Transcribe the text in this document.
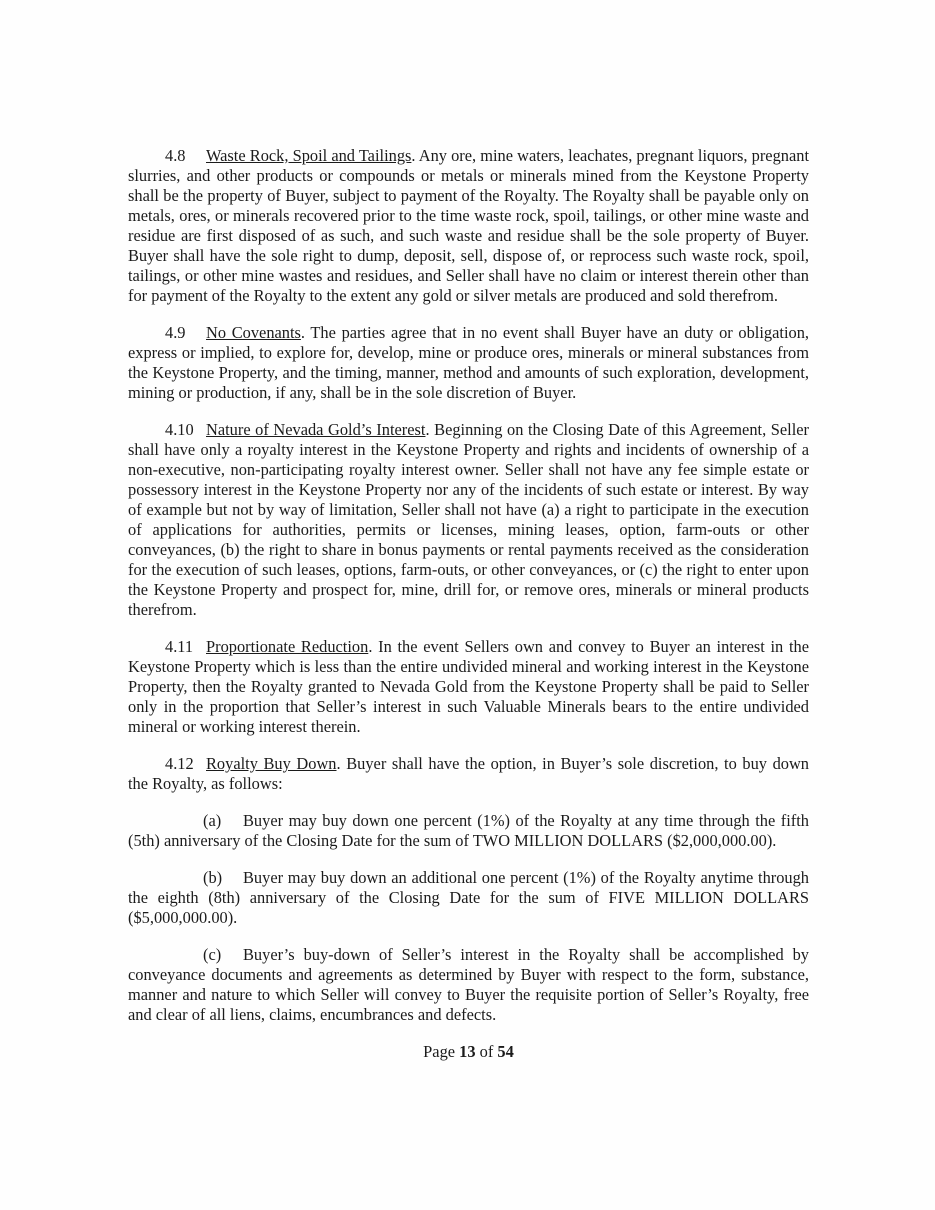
4.8 Waste Rock, Spoil and Tailings. Any ore, mine waters, leachates, pregnant liquors, pregnant slurries, and other products or compounds or metals or minerals mined from the Keystone Property shall be the property of Buyer, subject to payment of the Royalty. The Royalty shall be payable only on metals, ores, or minerals recovered prior to the time waste rock, spoil, tailings, or other mine waste and residue are first disposed of as such, and such waste and residue shall be the sole property of Buyer. Buyer shall have the sole right to dump, deposit, sell, dispose of, or reprocess such waste rock, spoil, tailings, or other mine wastes and residues, and Seller shall have no claim or interest therein other than for payment of the Royalty to the extent any gold or silver metals are produced and sold therefrom.

4.9 No Covenants. The parties agree that in no event shall Buyer have an duty or obligation, express or implied, to explore for, develop, mine or produce ores, minerals or mineral substances from the Keystone Property, and the timing, manner, method and amounts of such exploration, development, mining or production, if any, shall be in the sole discretion of Buyer.

4.10 Nature of Nevada Gold’s Interest. Beginning on the Closing Date of this Agreement, Seller shall have only a royalty interest in the Keystone Property and rights and incidents of ownership of a non-executive, non-participating royalty interest owner. Seller shall not have any fee simple estate or possessory interest in the Keystone Property nor any of the incidents of such estate or interest. By way of example but not by way of limitation, Seller shall not have (a) a right to participate in the execution of applications for authorities, permits or licenses, mining leases, option, farm-outs or other conveyances, (b) the right to share in bonus payments or rental payments received as the consideration for the execution of such leases, options, farm-outs, or other conveyances, or (c) the right to enter upon the Keystone Property and prospect for, mine, drill for, or remove ores, minerals or mineral products therefrom.

4.11 Proportionate Reduction. In the event Sellers own and convey to Buyer an interest in the Keystone Property which is less than the entire undivided mineral and working interest in the Keystone Property, then the Royalty granted to Nevada Gold from the Keystone Property shall be paid to Seller only in the proportion that Seller’s interest in such Valuable Minerals bears to the entire undivided mineral or working interest therein.

4.12 Royalty Buy Down. Buyer shall have the option, in Buyer’s sole discretion, to buy down the Royalty, as follows:

(a) Buyer may buy down one percent (1%) of the Royalty at any time through the fifth (5th) anniversary of the Closing Date for the sum of TWO MILLION DOLLARS ($2,000,000.00).

(b) Buyer may buy down an additional one percent (1%) of the Royalty anytime through the eighth (8th) anniversary of the Closing Date for the sum of FIVE MILLION DOLLARS ($5,000,000.00).

(c) Buyer’s buy-down of Seller’s interest in the Royalty shall be accomplished by conveyance documents and agreements as determined by Buyer with respect to the form, substance, manner and nature to which Seller will convey to Buyer the requisite portion of Seller’s Royalty, free and clear of all liens, claims, encumbrances and defects.

Page 13 of 54
